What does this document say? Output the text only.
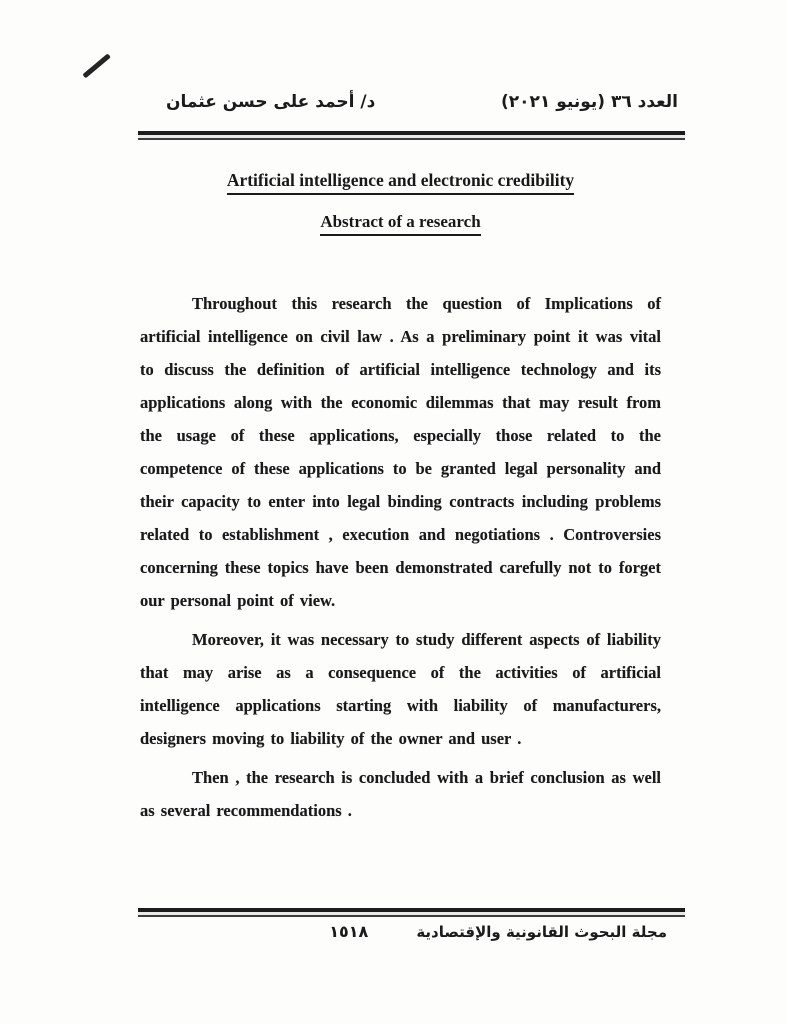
د/ أحمد على حسن عثمان	العدد ٣٦ (يونيو ٢٠٢١)
Artificial intelligence and electronic credibility
Abstract of a research

Throughout this research the question of Implications of artificial intelligence on civil law . As a preliminary point it was vital to discuss the definition of artificial intelligence technology and its applications along with the economic dilemmas that may result from the usage of these applications, especially those related to the competence of these applications to be granted legal personality and their capacity to enter into legal binding contracts including problems related to establishment , execution and negotiations . Controversies concerning these topics have been demonstrated carefully not to forget our personal point of view.

Moreover, it was necessary to study different aspects of liability that may arise as a consequence of the activities of artificial intelligence applications starting with liability of manufacturers, designers moving to liability of the owner and user .

Then , the research is concluded with a brief conclusion as well as several recommendations .

١٥١٨	مجلة البحوث القانونية والإقتصادية
